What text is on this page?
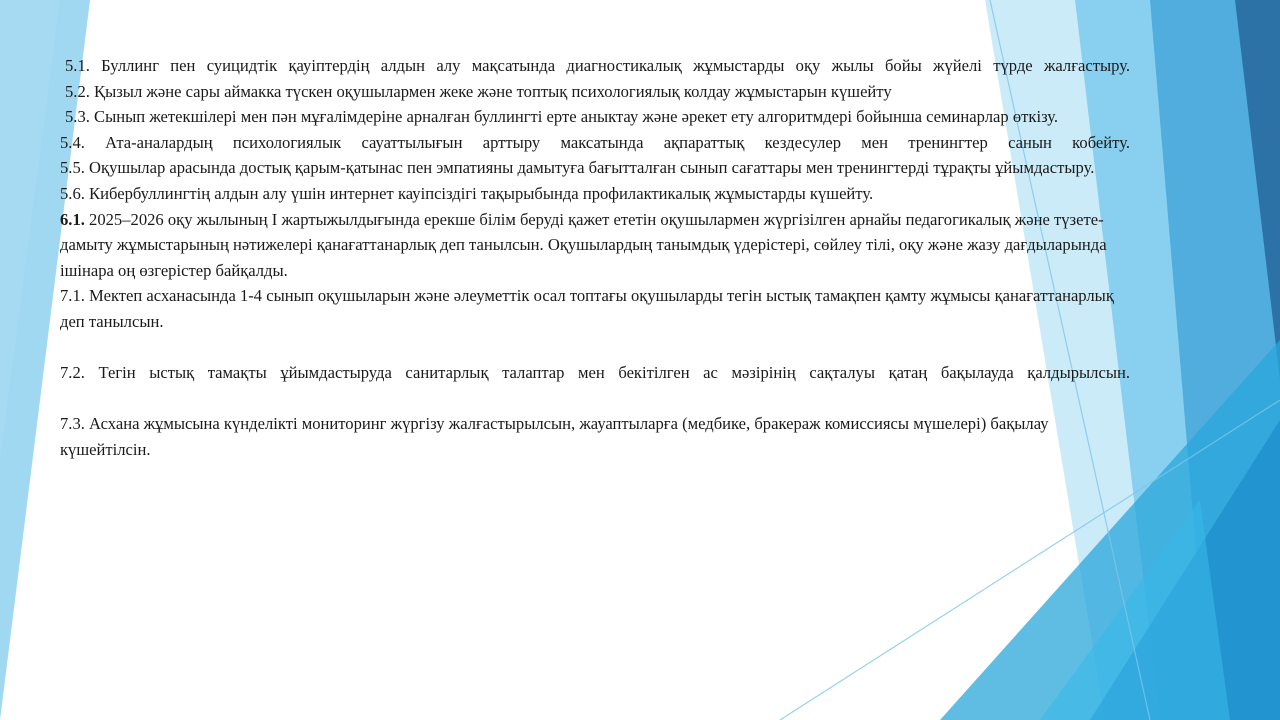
5.1. Буллинг пен суицидтік қауіптердің алдын алу мақсатында диагностикалық жұмыстарды оқу жылы бойы жүйелі түрде жалғастыру.

5.2. Қызыл және сары аймакка түскен оқушылармен жеке және топтық психологиялық колдау жұмыстарын күшейту

5.3. Сынып жетекшілері мен пән мұғалімдеріне арналған буллингті ерте аныктау және әрекет ету алгоритмдері бойынша семинарлар өткізу.

5.4. Ата-аналардың психологиялык сауаттылығын арттыру максатында ақпараттық кездесулер мен тренингтер санын кобейту.

5.5. Оқушылар арасында достық қарым-қатынас пен эмпатияны дамытуға бағытталған сынып сағаттары мен тренингтерді тұрақты ұйымдастыру.

5.6. Кибербуллингтің алдын алу үшін интернет кауіпсіздігі тақырыбында профилактикалық жұмыстарды күшейту.

6.1. 2025–2026 оқу жылының І жартыжылдығында ерекше білім беруді қажет ететін оқушылармен жүргізілген арнайы педагогикалық және түзете-дамыту жұмыстарының нәтижелері қанағаттанарлық деп танылсын. Оқушылардың танымдық үдерістері, сөйлеу тілі, оқу және жазу дағдыларында ішінара оң өзгерістер байқалды.

7.1. Мектеп асханасында 1-4 сынып оқушыларын және әлеуметтік осал топтағы оқушыларды тегін ыстық тамақпен қамту жұмысы қанағаттанарлық деп танылсын.

7.2. Тегін ыстық тамақты ұйымдастыруда санитарлық талаптар мен бекітілген ас мәзірінің сақталуы қатаң бақылауда қалдырылсын.

7.3. Асхана жұмысына күнделікті мониторинг жүргізу жалғастырылсын, жауаптыларға (медбике, бракераж комиссиясы мүшелері) бақылау күшейтілсін.
